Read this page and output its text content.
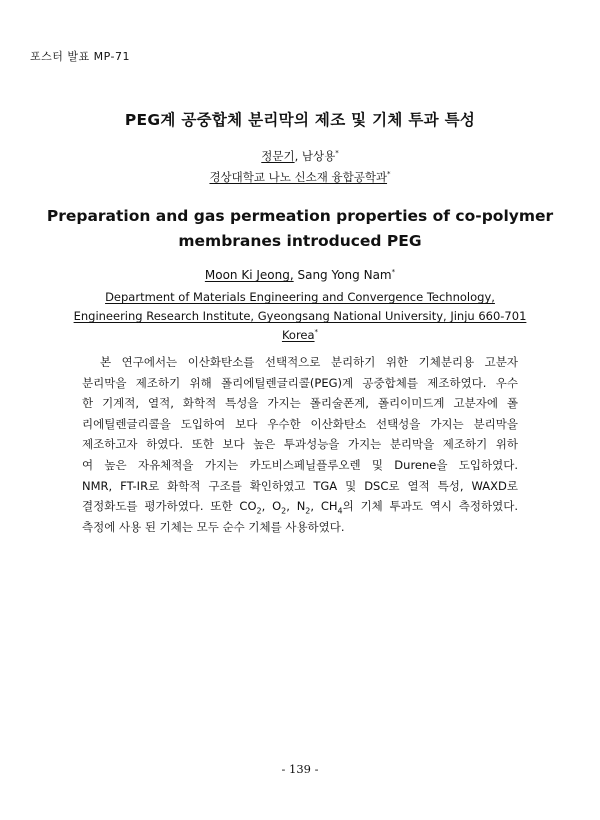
포스터 발표 MP-71
PEG계 공중합체 분리막의 제조 및 기체 투과 특성
정문기, 남상용*
경상대학교 나노 신소재 융합공학과*
Preparation and gas permeation properties of co-polymer
membranes introduced PEG
Moon Ki Jeong, Sang Yong Nam*
Department of Materials Engineering and Convergence Technology,
Engineering Research Institute, Gyeongsang National University, Jinju 660-701
Korea*
본 연구에서는 이산화탄소를 선택적으로 분리하기 위한 기체분리용 고분자
분리막을 제조하기 위해 폴리에틸렌글리콜(PEG)계 공중합체를 제조하였다. 우수
한 기계적, 열적, 화학적 특성을 가지는 폴리술폰계, 폴리이미드계 고분자에 폴
리에틸렌글리콜을 도입하여 보다 우수한 이산화탄소 선택성을 가지는 분리막을
제조하고자 하였다. 또한 보다 높은 투과성능을 가지는 분리막을 제조하기 위하
여 높은 자유체적을 가지는 카도비스페닐플루오렌 및 Durene을 도입하였다.
NMR, FT-IR로 화학적 구조를 확인하였고 TGA 및 DSC로 열적 특성, WAXD로
결정화도를 평가하였다. 또한 $CO_2$, $O_2$, $N_2$, $CH_4$의 기체 투과도 역시 측정하였다.
측정에 사용 된 기체는 모두 순수 기체를 사용하였다.
- 139 -
